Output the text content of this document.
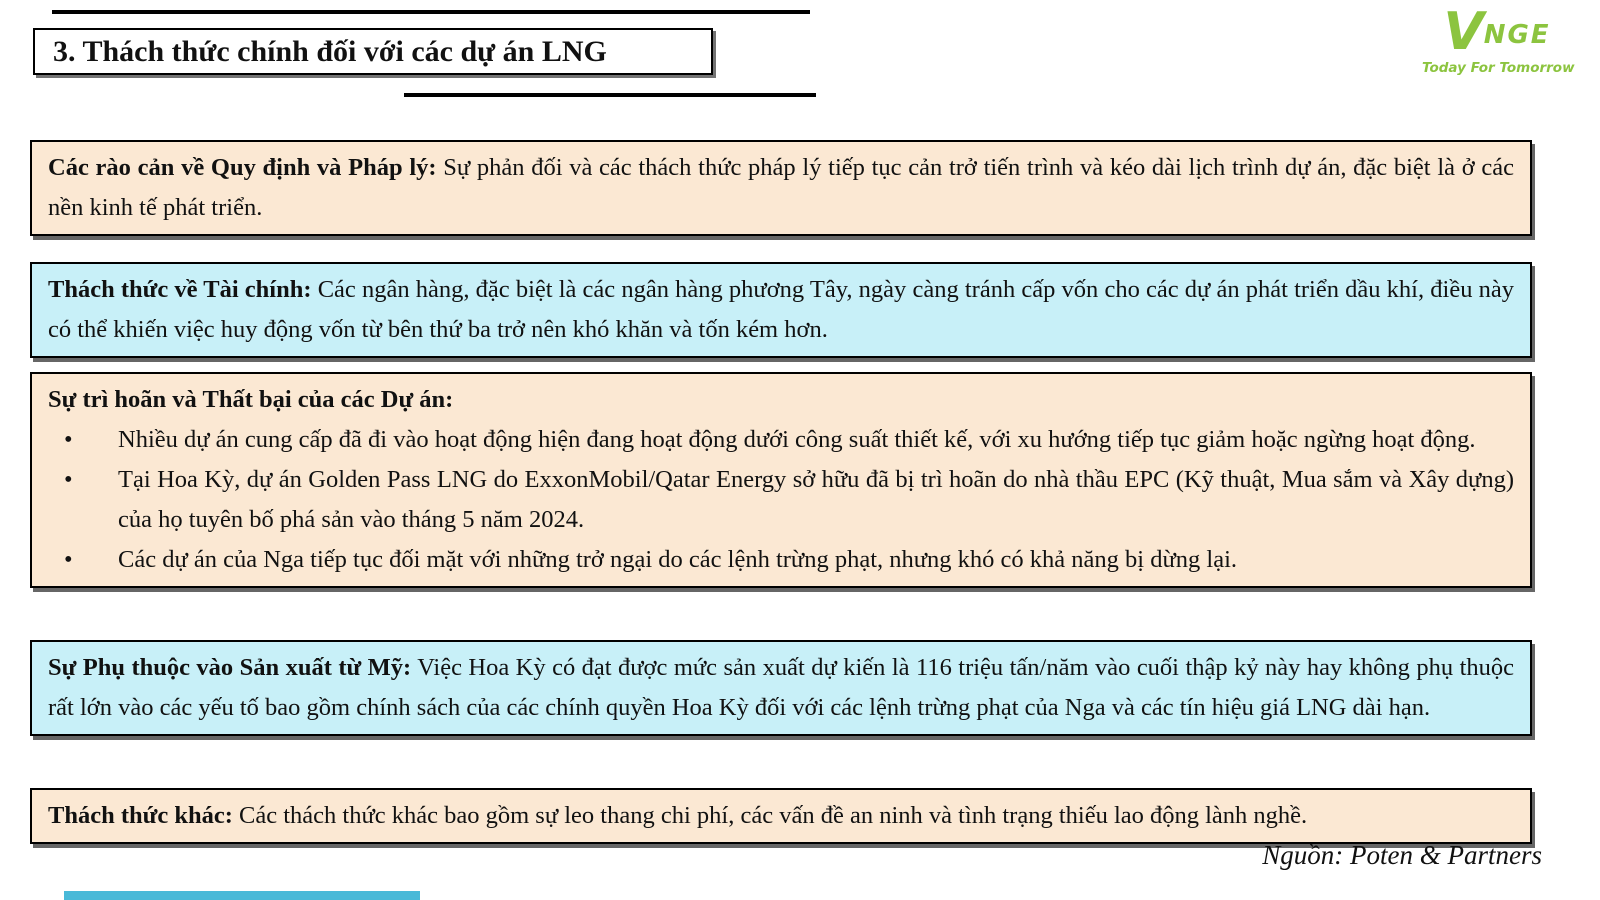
3. Thách thức chính đối với các dự án LNG	VNGE
Today For Tomorrow

Các rào cản về Quy định và Pháp lý: Sự phản đối và các thách thức pháp lý tiếp tục cản trở tiến trình và kéo dài lịch trình dự án, đặc biệt là ở các nền kinh tế phát triển.

Thách thức về Tài chính: Các ngân hàng, đặc biệt là các ngân hàng phương Tây, ngày càng tránh cấp vốn cho các dự án phát triển dầu khí, điều này có thể khiến việc huy động vốn từ bên thứ ba trở nên khó khăn và tốn kém hơn.

Sự trì hoãn và Thất bại của các Dự án:

• Nhiều dự án cung cấp đã đi vào hoạt động hiện đang hoạt động dưới công suất thiết kế, với xu hướng tiếp tục giảm hoặc ngừng hoạt động.
• Tại Hoa Kỳ, dự án Golden Pass LNG do ExxonMobil/Qatar Energy sở hữu đã bị trì hoãn do nhà thầu EPC (Kỹ thuật, Mua sắm và Xây dựng) của họ tuyên bố phá sản vào tháng 5 năm 2024.
• Các dự án của Nga tiếp tục đối mặt với những trở ngại do các lệnh trừng phạt, nhưng khó có khả năng bị dừng lại.

Sự Phụ thuộc vào Sản xuất từ Mỹ: Việc Hoa Kỳ có đạt được mức sản xuất dự kiến là 116 triệu tấn/năm vào cuối thập kỷ này hay không phụ thuộc rất lớn vào các yếu tố bao gồm chính sách của các chính quyền Hoa Kỳ đối với các lệnh trừng phạt của Nga và các tín hiệu giá LNG dài hạn.

Thách thức khác: Các thách thức khác bao gồm sự leo thang chi phí, các vấn đề an ninh và tình trạng thiếu lao động lành nghề.

Nguồn: Poten & Partners
